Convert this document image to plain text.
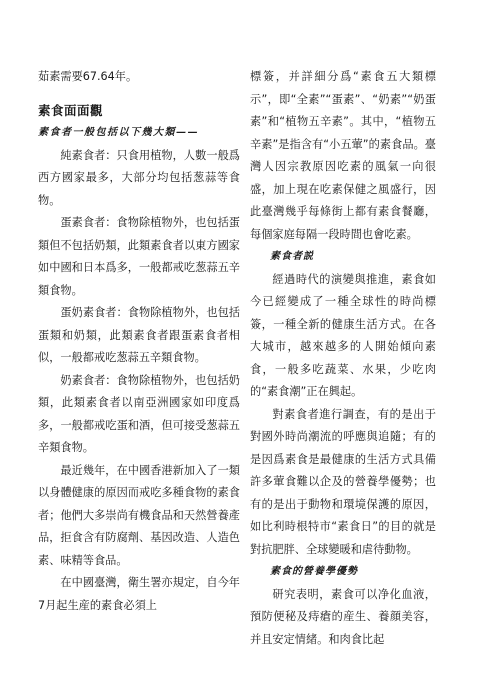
茹素需要67.64年。

素食面面觀

素食者一般包括以下幾大類——

純素食者：只食用植物，人數一般爲西方國家最多，大部分均包括葱蒜等食物。

蛋素食者：食物除植物外，也包括蛋類但不包括奶類，此類素食者以東方國家如中國和日本爲多，一般都戒吃葱蒜五辛類食物。

蛋奶素食者：食物除植物外，也包括蛋類和奶類，此類素食者跟蛋素食者相似，一般都戒吃葱蒜五辛類食物。

奶素食者：食物除植物外，也包括奶類，此類素食者以南亞洲國家如印度爲多，一般都戒吃蛋和酒，但可接受葱蒜五辛類食物。

最近幾年，在中國香港新加入了一類以身體健康的原因而戒吃多種食物的素食者；他們大多崇尚有機食品和天然營養產品，拒食含有防腐劑、基因改造、人造色素、味精等食品。

在中國臺灣，衛生署亦規定，自今年7月起生産的素食必須上

標簽，并詳細分爲“素食五大類標示”，即“全素”“蛋素”、“奶素”“奶蛋素”和“植物五辛素”。其中，“植物五辛素”是指含有“小五葷”的素食品。臺灣人因宗教原因吃素的風氣一向很盛，加上現在吃素保健之風盛行，因此臺灣幾乎每條街上都有素食餐廳，每個家庭每隔一段時間也會吃素。

素食者説

經過時代的演變與推進，素食如今已經變成了一種全球性的時尚標簽，一種全新的健康生活方式。在各大城市，越來越多的人開始傾向素食，一般多吃蔬菜、水果，少吃肉的“素食潮”正在興起。

對素食者進行調查，有的是出于對國外時尚潮流的呼應與追隨；有的是因爲素食是最健康的生活方式具備許多葷食難以企及的營養學優勢；也有的是出于動物和環境保護的原因，如比利時根特市“素食日”的目的就是對抗肥胖、全球變暖和虐待動物。

素食的營養學優勢

研究表明，素食可以净化血液，預防便秘及痔瘡的産生、養顔美容，并且安定情緒。和肉食比起
